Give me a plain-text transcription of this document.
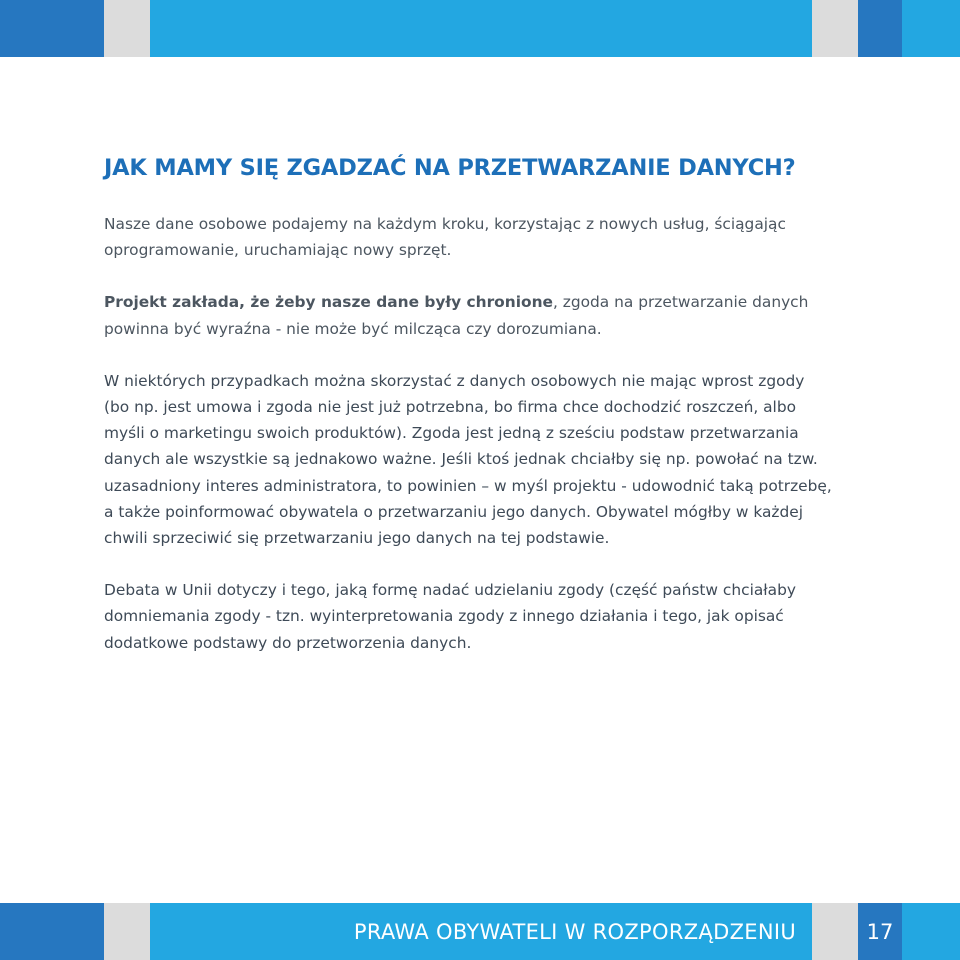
JAK MAMY SIĘ ZGADZAĆ NA PRZETWARZANIE DANYCH?

Nasze dane osobowe podajemy na każdym kroku, korzystając z nowych usług, ściągając oprogramowanie, uruchamiając nowy sprzęt.

Projekt zakłada, że żeby nasze dane były chronione, zgoda na przetwarzanie danych powinna być wyraźna - nie może być milcząca czy dorozumiana.

W niektórych przypadkach można skorzystać z danych osobowych nie mając wprost zgody (bo np. jest umowa i zgoda nie jest już potrzebna, bo firma chce dochodzić roszczeń, albo myśli o marketingu swoich produktów). Zgoda jest jedną z sześciu podstaw przetwarzania danych ale wszystkie są jednakowo ważne. Jeśli ktoś jednak chciałby się np. powołać na tzw. uzasadniony interes administratora, to powinien – w myśl projektu - udowodnić taką potrzebę, a także poinformować obywatela o przetwarzaniu jego danych. Obywatel mógłby w każdej chwili sprzeciwić się przetwarzaniu jego danych na tej podstawie.

Debata w Unii dotyczy i tego, jaką formę nadać udzielaniu zgody (część państw chciałaby domniemania zgody - tzn. wyinterpretowania zgody z innego działania i tego, jak opisać dodatkowe podstawy do przetworzenia danych.

PRAWA OBYWATELI W ROZPORZĄDZENIU	17
